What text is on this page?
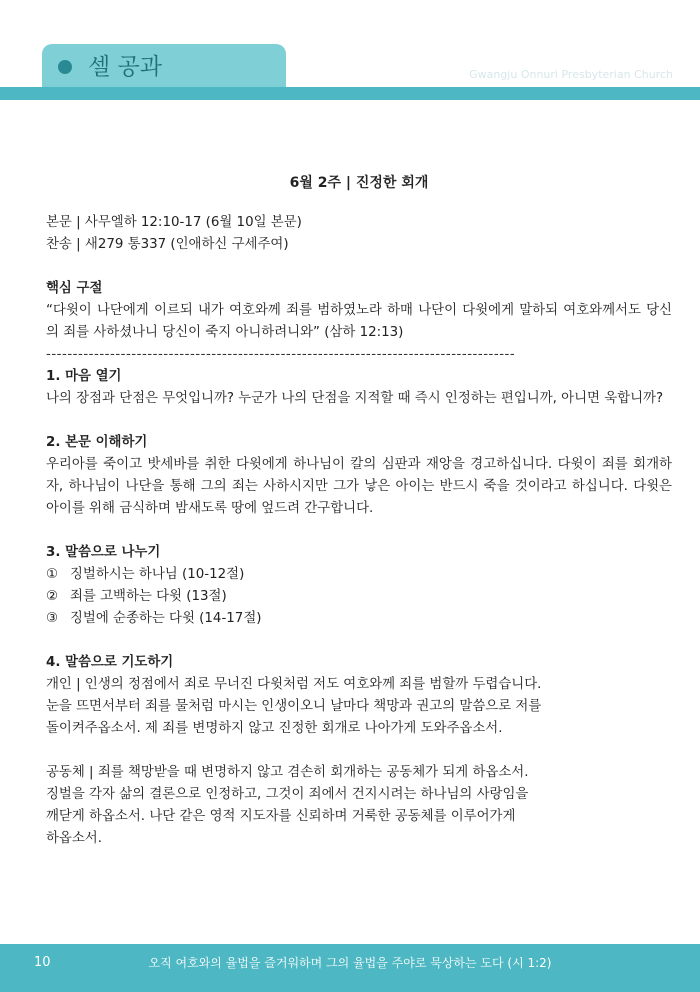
셀 공과	Gwangju Onnuri Presbyterian Church

6월 2주 | 진정한 회개

본문 | 사무엘하 12:10-17 (6월 10일 본문)

찬송 | 새279 통337 (인애하신 구세주여)

핵심 구절

“다윗이 나단에게 이르되 내가 여호와께 죄를 범하였노라 하매 나단이 다윗에게 말하되 여호와께서도 당신의 죄를 사하셨나니 당신이 죽지 아니하려니와” (삼하 12:13)

----------------------------------------------------------------------------------------

1. 마음 열기

나의 장점과 단점은 무엇입니까? 누군가 나의 단점을 지적할 때 즉시 인정하는 편입니까, 아니면 욱합니까?

2. 본문 이해하기

우리아를 죽이고 밧세바를 취한 다윗에게 하나님이 칼의 심판과 재앙을 경고하십니다. 다윗이 죄를 회개하자, 하나님이 나단을 통해 그의 죄는 사하시지만 그가 낳은 아이는 반드시 죽을 것이라고 하십니다. 다윗은 아이를 위해 금식하며 밤새도록 땅에 엎드려 간구합니다.

3. 말씀으로 나누기

① 징벌하시는 하나님 (10-12절)

② 죄를 고백하는 다윗 (13절)

③ 징벌에 순종하는 다윗 (14-17절)

4. 말씀으로 기도하기

개인 | 인생의 정점에서 죄로 무너진 다윗처럼 저도 여호와께 죄를 범할까 두렵습니다.

눈을 뜨면서부터 죄를 물처럼 마시는 인생이오니 날마다 책망과 권고의 말씀으로 저를

돌이켜주옵소서. 제 죄를 변명하지 않고 진정한 회개로 나아가게 도와주옵소서.

공동체 | 죄를 책망받을 때 변명하지 않고 겸손히 회개하는 공동체가 되게 하옵소서.

징벌을 각자 삶의 결론으로 인정하고, 그것이 죄에서 건지시려는 하나님의 사랑임을

깨닫게 하옵소서. 나단 같은 영적 지도자를 신뢰하며 거룩한 공동체를 이루어가게

하옵소서.

10	오직 여호와의 율법을 즐거워하며 그의 율법을 주야로 묵상하는 도다 (시 1:2)
